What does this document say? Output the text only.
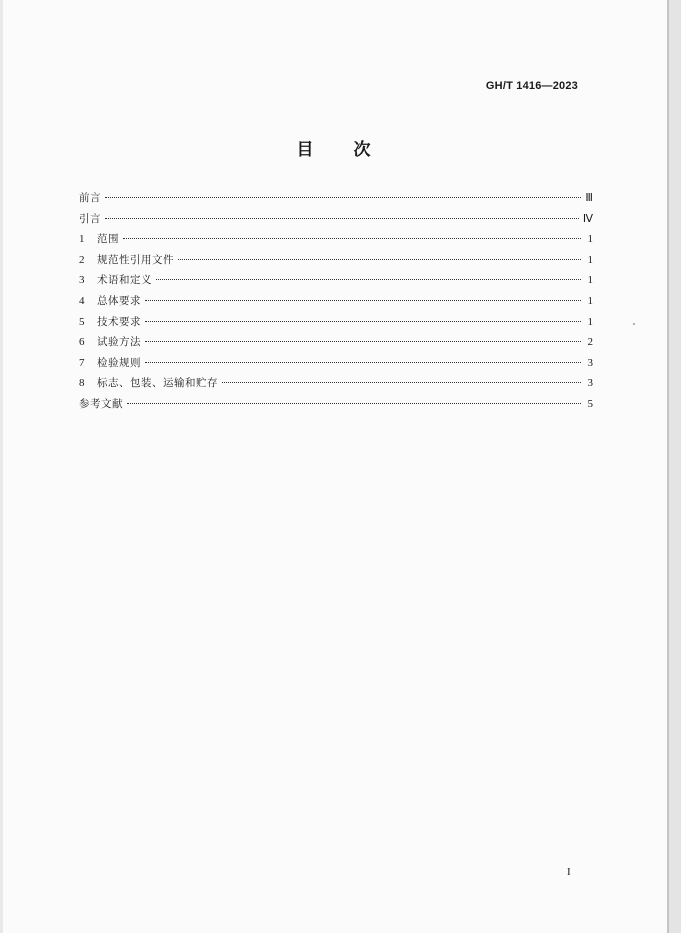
GH/T 1416—2023
目 次
前言	Ⅲ
引言	Ⅳ
1	范围	1
2	规范性引用文件	1
3	术语和定义	1
4	总体要求	1
5	技术要求	1
6	试验方法	2
7	检验规则	3
8	标志、包装、运输和贮存	3
参考文献	5
I
